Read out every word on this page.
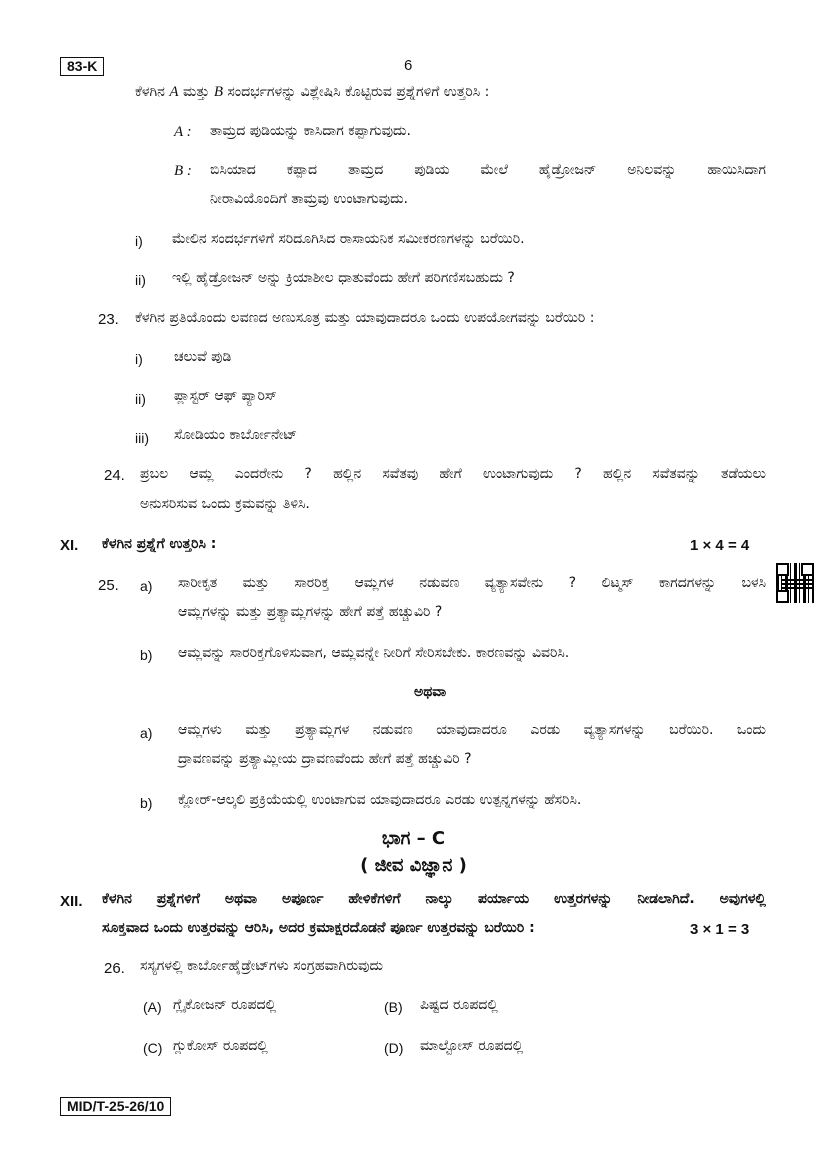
83-K	6
ಕೆಳಗಿನ A ಮತ್ತು B ಸಂದರ್ಭಗಳನ್ನು ವಿಶ್ಲೇಷಿಸಿ ಕೊಟ್ಟಿರುವ ಪ್ರಶ್ನೆಗಳಿಗೆ ಉತ್ತರಿಸಿ :
A : ತಾಮ್ರದ ಪುಡಿಯನ್ನು ಕಾಸಿದಾಗ ಕಪ್ಪಾಗುವುದು.
B : ಬಿಸಿಯಾದ ಕಪ್ಪಾದ ತಾಮ್ರದ ಪುಡಿಯ ಮೇಲೆ ಹೈಡ್ರೋಜನ್ ಅನಿಲವನ್ನು ಹಾಯಿಸಿದಾಗ
ನೀರಾವಿಯೊಂದಿಗೆ ತಾಮ್ರವು ಉಂಟಾಗುವುದು.
i) ಮೇಲಿನ ಸಂದರ್ಭಗಳಿಗೆ ಸರಿದೂಗಿಸಿದ ರಾಸಾಯನಿಕ ಸಮೀಕರಣಗಳನ್ನು ಬರೆಯಿರಿ.
ii) ಇಲ್ಲಿ ಹೈಡ್ರೋಜನ್ ಅನ್ನು ಕ್ರಿಯಾಶೀಲ ಧಾತುವೆಂದು ಹೇಗೆ ಪರಿಗಣಿಸಬಹುದು ?
23. ಕೆಳಗಿನ ಪ್ರತಿಯೊಂದು ಲವಣದ ಅಣುಸೂತ್ರ ಮತ್ತು ಯಾವುದಾದರೂ ಒಂದು ಉಪಯೋಗವನ್ನು ಬರೆಯಿರಿ :
i) ಚಲುವೆ ಪುಡಿ
ii) ಪ್ಲಾಸ್ಟರ್ ಆಫ್ ಪ್ಯಾರಿಸ್
iii) ಸೋಡಿಯಂ ಕಾರ್ಬೋನೇಟ್
24. ಪ್ರಬಲ ಆಮ್ಲ ಎಂದರೇನು ? ಹಲ್ಲಿನ ಸವೆತವು ಹೇಗೆ ಉಂಟಾಗುವುದು ? ಹಲ್ಲಿನ ಸವೆತವನ್ನು ತಡೆಯಲು
ಅನುಸರಿಸುವ ಒಂದು ಕ್ರಮವನ್ನು ತಿಳಿಸಿ.
XI. ಕೆಳಗಿನ ಪ್ರಶ್ನೆಗೆ ಉತ್ತರಿಸಿ :	1 × 4 = 4
25. a) ಸಾರೀಕೃತ ಮತ್ತು ಸಾರರಿಕ್ತ ಆಮ್ಲಗಳ ನಡುವಣ ವ್ಯತ್ಯಾಸವೇನು ? ಲಿಟ್ಮಸ್ ಕಾಗದಗಳನ್ನು ಬಳಸಿ
ಆಮ್ಲಗಳನ್ನು ಮತ್ತು ಪ್ರತ್ಯಾಮ್ಲಗಳನ್ನು ಹೇಗೆ ಪತ್ತೆ ಹಚ್ಚುವಿರಿ ?
b) ಆಮ್ಲವನ್ನು ಸಾರರಿಕ್ತಗೊಳಿಸುವಾಗ, ಆಮ್ಲವನ್ನೇ ನೀರಿಗೆ ಸೇರಿಸಬೇಕು. ಕಾರಣವನ್ನು ವಿವರಿಸಿ.
ಅಥವಾ
a) ಆಮ್ಲಗಳು ಮತ್ತು ಪ್ರತ್ಯಾಮ್ಲಗಳ ನಡುವಣ ಯಾವುದಾದರೂ ಎರಡು ವ್ಯತ್ಯಾಸಗಳನ್ನು ಬರೆಯಿರಿ. ಒಂದು
ದ್ರಾವಣವನ್ನು ಪ್ರತ್ಯಾಮ್ಲೀಯ ದ್ರಾವಣವೆಂದು ಹೇಗೆ ಪತ್ತೆ ಹಚ್ಚುವಿರಿ ?
b) ಕ್ಲೋರ್-ಆಲ್ಕಲಿ ಪ್ರಕ್ರಿಯೆಯಲ್ಲಿ ಉಂಟಾಗುವ ಯಾವುದಾದರೂ ಎರಡು ಉತ್ಪನ್ನಗಳನ್ನು ಹೆಸರಿಸಿ.
ಭಾಗ – C
( ಜೀವ ವಿಜ್ಞಾನ )
XII. ಕೆಳಗಿನ ಪ್ರಶ್ನೆಗಳಿಗೆ ಅಥವಾ ಅಪೂರ್ಣ ಹೇಳಿಕೆಗಳಿಗೆ ನಾಲ್ಕು ಪರ್ಯಾಯ ಉತ್ತರಗಳನ್ನು ನೀಡಲಾಗಿದೆ. ಅವುಗಳಲ್ಲಿ
ಸೂಕ್ತವಾದ ಒಂದು ಉತ್ತರವನ್ನು ಆರಿಸಿ, ಅದರ ಕ್ರಮಾಕ್ಷರದೊಡನೆ ಪೂರ್ಣ ಉತ್ತರವನ್ನು ಬರೆಯಿರಿ :	3 × 1 = 3
26. ಸಸ್ಯಗಳಲ್ಲಿ ಕಾರ್ಬೋಹೈಡ್ರೇಟ್‌ಗಳು ಸಂಗ್ರಹವಾಗಿರುವುದು
(A) ಗ್ಲೈಕೋಜನ್ ರೂಪದಲ್ಲಿ	(B) ಪಿಷ್ಟದ ರೂಪದಲ್ಲಿ
(C) ಗ್ಲುಕೋಸ್ ರೂಪದಲ್ಲಿ	(D) ಮಾಲ್ಟೋಸ್ ರೂಪದಲ್ಲಿ
MID/T-25-26/10
